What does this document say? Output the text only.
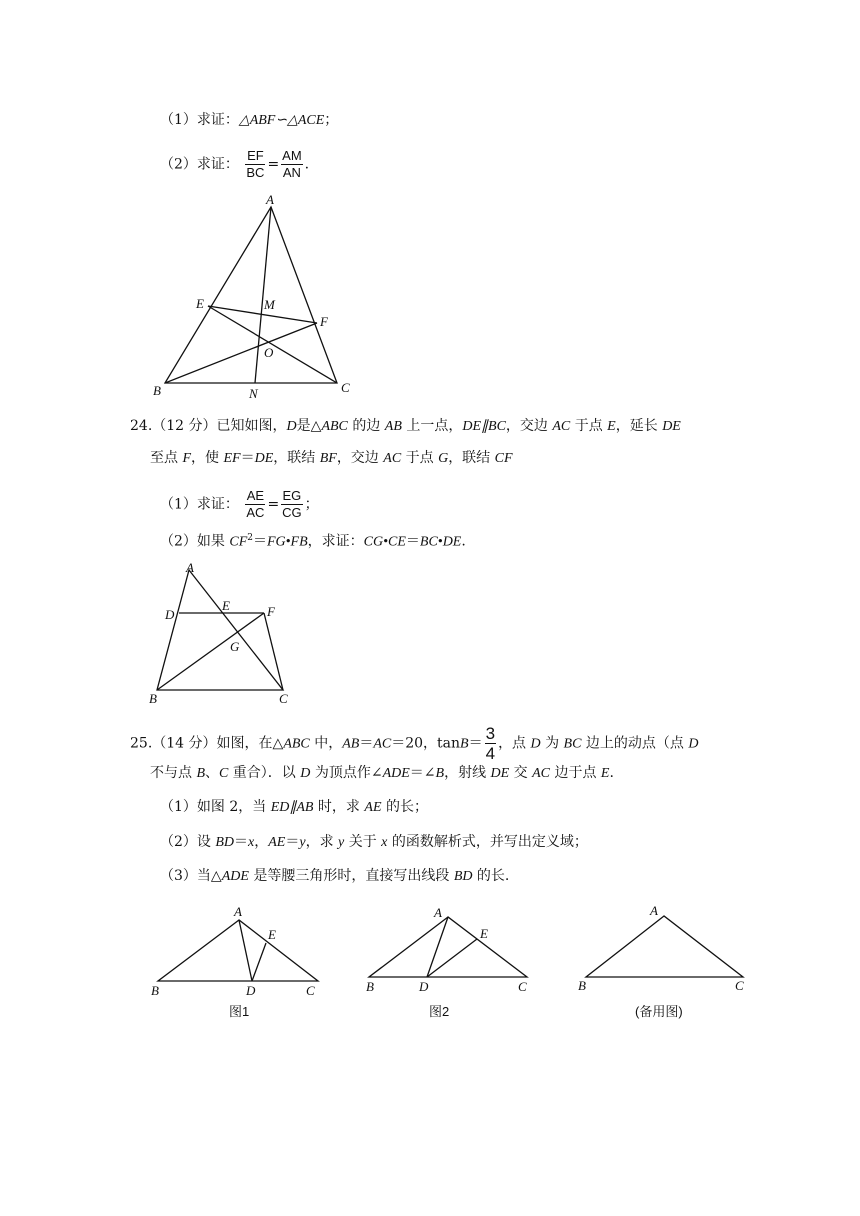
（1）求证：△ABF∽△ACE；
（2）求证： $\frac{EF}{BC} = \frac{AM}{AN}$ .
A
E	M
F
O
B	N	C
A
D
E	F
G
B	C
A
E
B	D	C
A
E
B	D	C
A
B	C
24.（12 分）已知如图，D是△ABC 的边 AB 上一点，DE∥BC，交边 AC 于点 E，延长 DE
至点 F，使 EF＝DE，联结 BF，交边 AC 于点 G，联结 CF
（1）求证： $\frac{AE}{AC} = \frac{EG}{CG}$ ；
（2）如果 $CF^2=FG•FB$，求证：CG•CE＝BC•DE.
25.（14 分）如图，在△ABC 中，AB＝AC＝20，$\tan B= \frac{3}{4}$ ，点 D 为 BC 边上的动点（点 D
不与点 B、C 重合）．以 D 为顶点作∠ADE＝∠B，射线 DE 交 AC 边于点 E.
（1）如图 2，当 ED∥AB 时，求 AE 的长；
（2）设 BD＝x，AE＝y，求 y 关于 x 的函数解析式，并写出定义域；
（3）当△ADE 是等腰三角形时，直接写出线段 BD 的长.
图1	图2	(备用图)
